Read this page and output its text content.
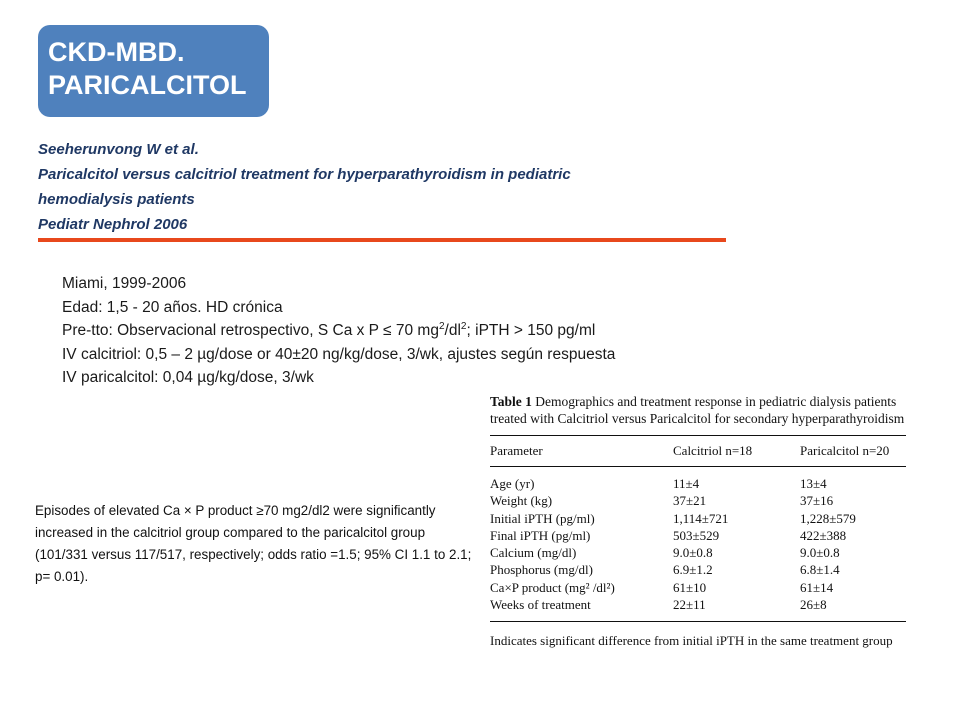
CKD-MBD.
PARICALCITOL
Seeherunvong W et al.
Paricalcitol versus calcitriol treatment for hyperparathyroidism in pediatric
hemodialysis patients
Pediatr Nephrol 2006
Miami, 1999-2006
Edad: 1,5 - 20 años. HD crónica
Pre-tto: Observacional retrospectivo, S Ca x P ≤ 70 $mg^2/dl^2$; iPTH > 150 pg/ml
IV calcitriol: 0,5 – 2 µg/dose or 40±20 ng/kg/dose, 3/wk, ajustes según respuesta
IV paricalcitol: 0,04 µg/kg/dose, 3/wk
Episodes of elevated Ca × P product ≥70 mg2/dl2 were significantly increased in the calcitriol group compared to the paricalcitol group (101/331 versus 117/517, respectively; odds ratio =1.5; 95% CI 1.1 to 2.1; p= 0.01).
Table 1 Demographics and treatment response in pediatric dialysis patients treated with Calcitriol versus Paricalcitol for secondary hyperparathyroidism
Parameter	Calcitriol n=18	Paricalcitol n=20
Age (yr)	11±4	13±4
Weight (kg)	37±21	37±16
Initial iPTH (pg/ml)	1,114±721	1,228±579
Final iPTH (pg/ml)	503±529	422±388
Calcium (mg/dl)	9.0±0.8	9.0±0.8
Phosphorus (mg/dl)	6.9±1.2	6.8±1.4
Ca×P product (mg² /dl²)	61±10	61±14
Weeks of treatment	22±11	26±8
Indicates significant difference from initial iPTH in the same treatment group
